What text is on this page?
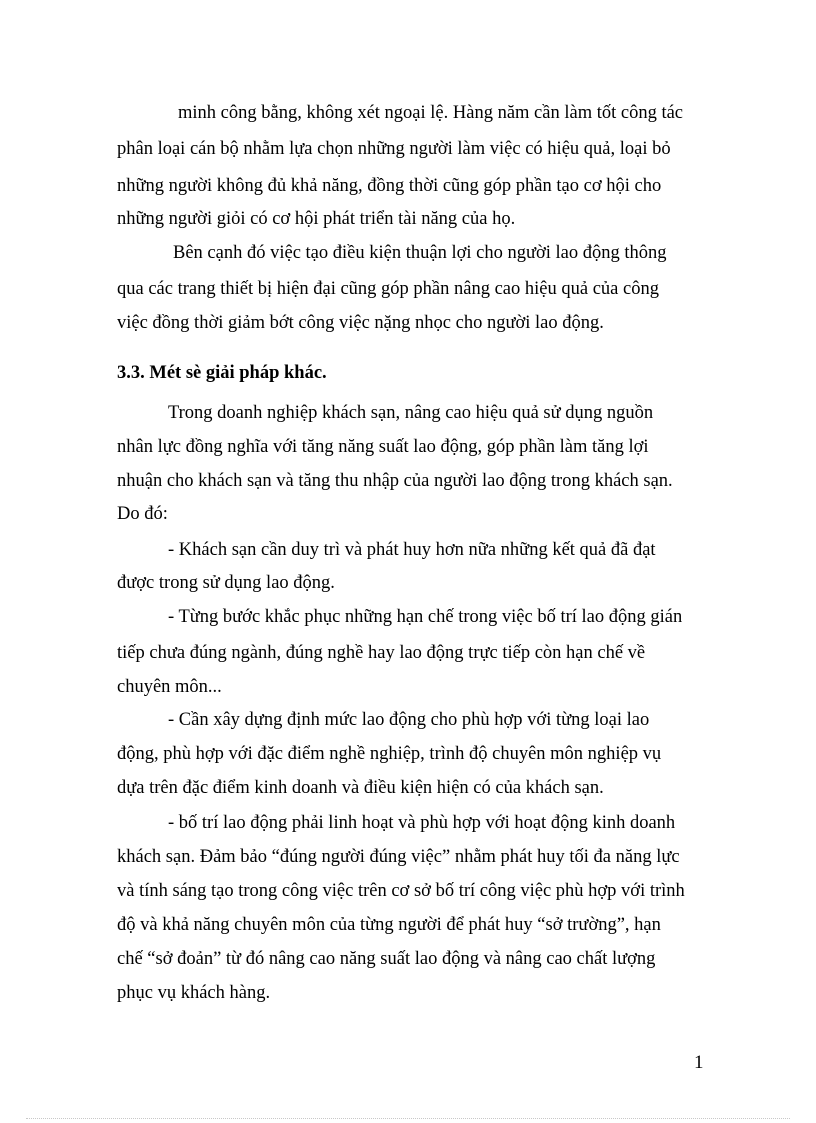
minh công bằng, không xét ngoại lệ. Hàng năm cần làm tốt công tác
phân loại cán bộ nhằm lựa chọn những người làm việc có hiệu quả, loại bỏ
những người không đủ khả năng, đồng thời cũng góp phần tạo cơ hội cho
những người giỏi có cơ hội phát triển tài năng của họ.
Bên cạnh đó việc tạo điều kiện thuận lợi cho người lao động thông
qua các trang thiết bị hiện đại cũng góp phần nâng cao hiệu quả của công
việc đồng thời giảm bớt công việc nặng nhọc cho người lao động.
3.3. Mét sè giải pháp khác.
Trong doanh nghiệp khách sạn, nâng cao hiệu quả sử dụng nguồn
nhân lực đồng nghĩa với tăng năng suất lao động, góp phần làm tăng lợi
nhuận cho khách sạn và tăng thu nhập của người lao động trong khách sạn.
Do đó:
- Khách sạn cần duy trì và phát huy hơn nữa những kết quả đã đạt
được trong sử dụng lao động.
- Từng bước khắc phục những hạn chế trong việc bố trí lao động gián
tiếp chưa đúng ngành, đúng nghề hay lao động trực tiếp còn hạn chế về
chuyên môn...
- Cần xây dựng định mức lao động cho phù hợp với từng loại lao
động, phù hợp với đặc điểm nghề nghiệp, trình độ chuyên môn nghiệp vụ
dựa trên đặc điểm kinh doanh và điều kiện hiện có của khách sạn.
- bố trí lao động phải linh hoạt và phù hợp với hoạt động kinh doanh
khách sạn. Đảm bảo “đúng người đúng việc” nhằm phát huy tối đa năng lực
và tính sáng tạo trong công việc trên cơ sở bố trí công việc phù hợp với trình
độ và khả năng chuyên môn của từng người để phát huy “sở trường”, hạn
chế “sở đoản” từ đó nâng cao năng suất lao động và nâng cao chất lượng
phục vụ khách hàng.
1
